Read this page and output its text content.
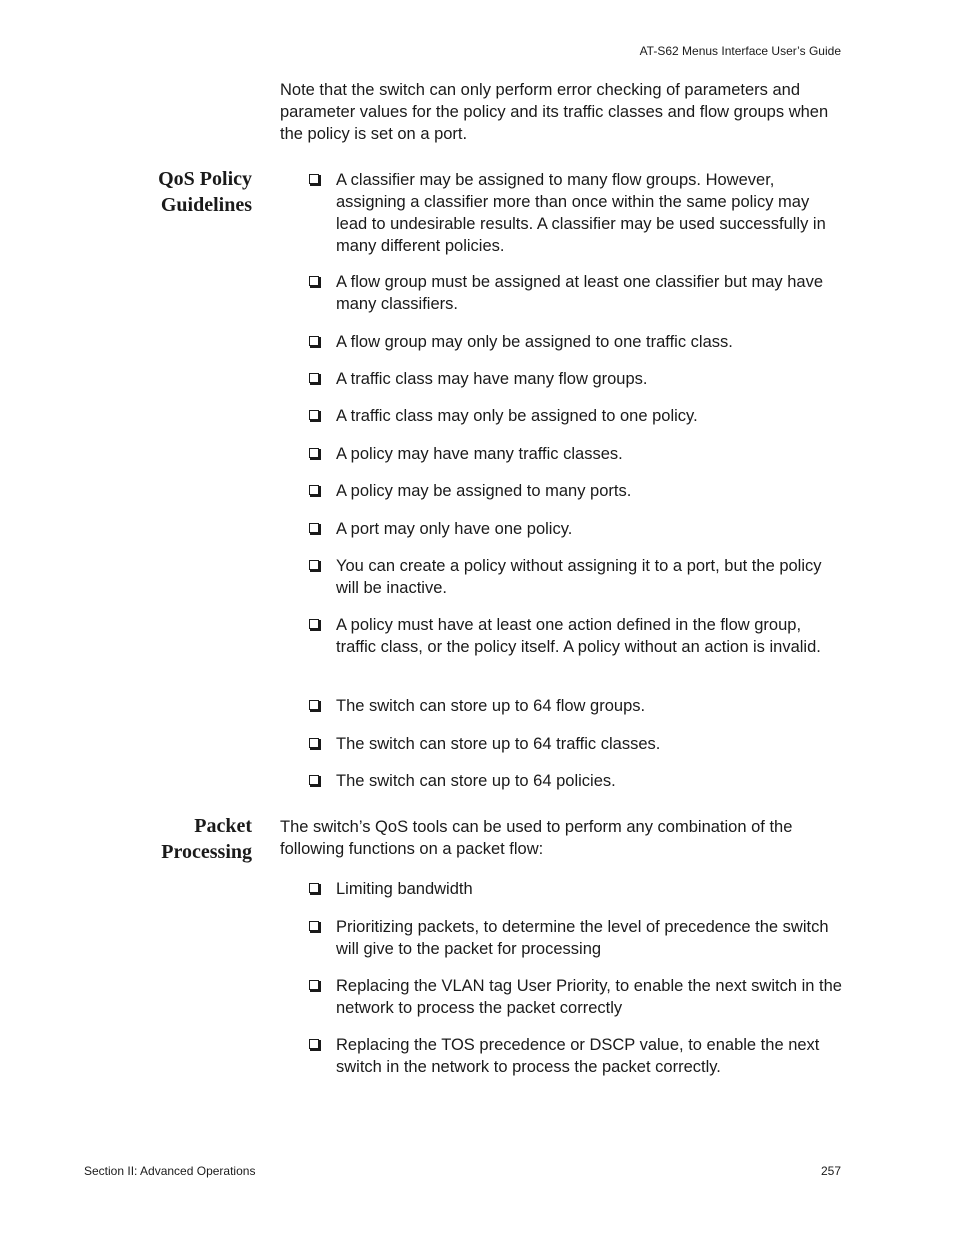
AT-S62 Menus Interface User’s Guide
Note that the switch can only perform error checking of parameters and parameter values for the policy and its traffic classes and flow groups when the policy is set on a port.
QoS Policy
Guidelines
A classifier may be assigned to many flow groups. However, assigning a classifier more than once within the same policy may lead to undesirable results. A classifier may be used successfully in many different policies.
A flow group must be assigned at least one classifier but may have many classifiers.
A flow group may only be assigned to one traffic class.
A traffic class may have many flow groups.
A traffic class may only be assigned to one policy.
A policy may have many traffic classes.
A policy may be assigned to many ports.
A port may only have one policy.
You can create a policy without assigning it to a port, but the policy will be inactive.
A policy must have at least one action defined in the flow group, traffic class, or the policy itself. A policy without an action is invalid.
The switch can store up to 64 flow groups.
The switch can store up to 64 traffic classes.
The switch can store up to 64 policies.
Packet
Processing
The switch’s QoS tools can be used to perform any combination of the following functions on a packet flow:
Limiting bandwidth
Prioritizing packets, to determine the level of precedence the switch will give to the packet for processing
Replacing the VLAN tag User Priority, to enable the next switch in the network to process the packet correctly
Replacing the TOS precedence or DSCP value, to enable the next switch in the network to process the packet correctly.
Section II: Advanced Operations	257
